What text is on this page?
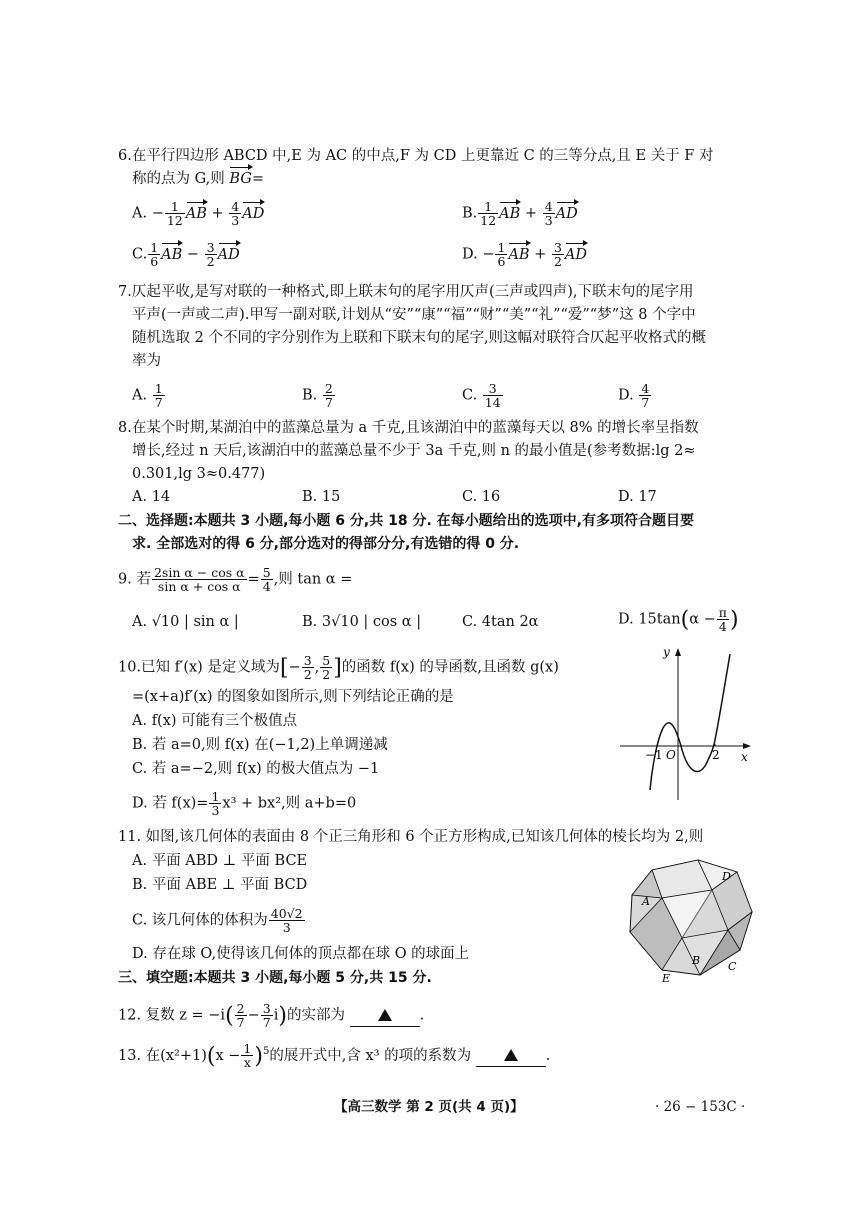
6.在平行四边形 ABCD 中,E 为 AC 的中点,F 为 CD 上更靠近 C 的三等分点,且 E 关于 F 对
称的点为 G,则 BG=
A. − $\frac{1}{12}$ AB + $\frac{4}{3}$ AD	B. $\frac{1}{12}$ AB + $\frac{4}{3}$ AD
C. $\frac{1}{6}$ AB − $\frac{3}{2}$ AD	D. − $\frac{1}{6}$ AB + $\frac{3}{2}$ AD
7.仄起平收,是写对联的一种格式,即上联末句的尾字用仄声(三声或四声),下联末句的尾字用
平声(一声或二声).甲写一副对联,计划从“安”“康”“福”“财”“美”“礼”“爱”“梦”这 8 个字中
随机选取 2 个不同的字分别作为上联和下联末句的尾字,则这幅对联符合仄起平收格式的概
率为
A. $\frac{1}{7}$	B. $\frac{2}{7}$	C. $\frac{3}{14}$	D. $\frac{4}{7}$
8.在某个时期,某湖泊中的蓝藻总量为 a 千克,且该湖泊中的蓝藻每天以 8% 的增长率呈指数
增长,经过 n 天后,该湖泊中的蓝藻总量不少于 3a 千克,则 n 的最小值是(参考数据:lg 2≈
0.301,lg 3≈0.477)
A. 14	B. 15	C. 16	D. 17
二、选择题:本题共 3 小题,每小题 6 分,共 18 分. 在每小题给出的选项中,有多项符合题目要
求. 全部选对的得 6 分,部分选对的得部分分,有选错的得 0 分.
9. 若 $\frac{\text{2sin α − cos α}}{\text{sin α + cos α}} = \frac{5}{4}$ ,则 tan α =
A. √10 | sin α |	B. 3√10 | cos α |	C. 4tan 2α	D. $15\tan(\alpha - \frac{\pi}{4}$ )
10.已知 f′(x) 是定义域为[− $\frac{3}{2}$ , $\frac{5}{2}$ ]的函数 f(x) 的导函数,且函数 g(x)
=(x+a)f′(x) 的图象如图所示,则下列结论正确的是
A. f(x) 可能有三个极值点
B. 若 a=0,则 f(x) 在(−1,2)上单调递减
C. 若 a=−2,则 f(x) 的极大值点为 −1
D. 若 $f(x)= \frac{1}{3} x^3 + bx^2$,则 a+b=0
y
x
−1 O	2
11. 如图,该几何体的表面由 8 个正三角形和 6 个正方形构成,已知该几何体的棱长均为 2,则
A. 平面 ABD ⊥ 平面 BCE
B. 平面 ABE ⊥ 平面 BCD
C. 该几何体的体积为 $\frac{40√2}{3}$
D. 存在球 O,使得该几何体的顶点都在球 O 的球面上
A
D
B	C
E
三、填空题:本题共 3 小题,每小题 5 分,共 15 分.
12. 复数 $z = -i( \frac{2}{7} - \frac{3}{7} i)$的实部为	.
13. 在$(x^2+1)(x - \frac{1}{x} )^5$的展开式中,含 x³ 的项的系数为	.
【高三数学 第 2 页(共 4 页)】	· 26 − 153C ·
